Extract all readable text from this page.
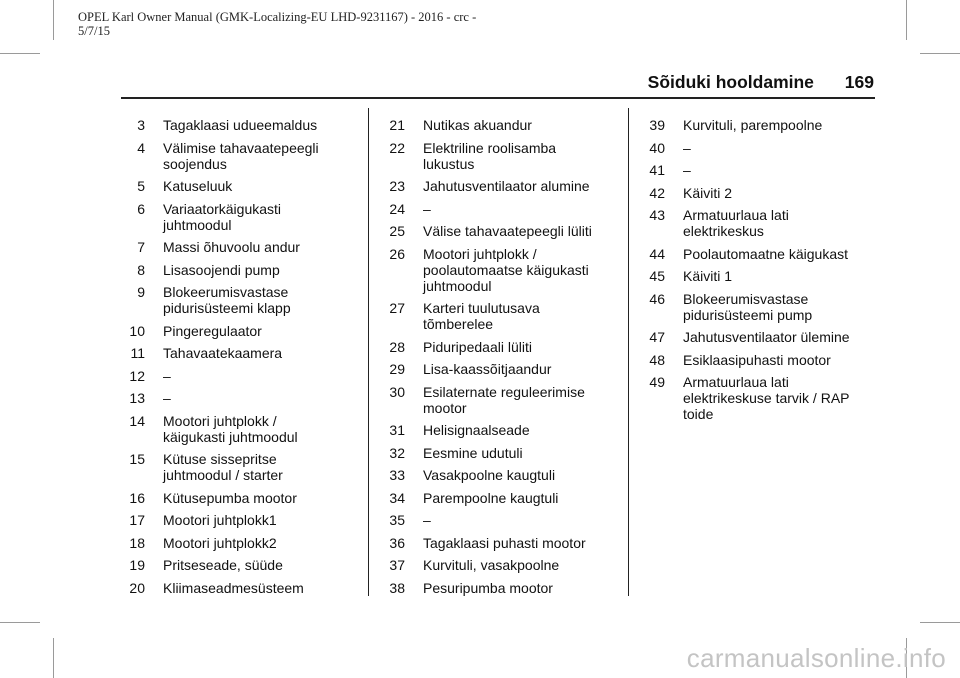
OPEL Karl Owner Manual (GMK-Localizing-EU LHD-9231167) - 2016 - crc - 5/7/15
Sõiduki hooldamine 169
3 Tagaklaasi udueemaldus
4 Välimise tahavaatepeegli soojendus
5 Katuseluuk
6 Variaatorkäigukasti juhtmoodul
7 Massi õhuvoolu andur
8 Lisasoojendi pump
9 Blokeerumisvastase pidurisüsteemi klapp
10 Pingeregulaator
11 Tahavaatekaamera
12 –
13 –
14 Mootori juhtplokk / käigukasti juhtmoodul
15 Kütuse sissepritse juhtmoodul / starter
16 Kütusepumba mootor
17 Mootori juhtplokk1
18 Mootori juhtplokk2
19 Pritseseade, süüde
20 Kliimaseadmesüsteem
21 Nutikas akuandur
22 Elektriline roolisamba lukustus
23 Jahutusventilaator alumine
24 –
25 Välise tahavaatepeegli lüliti
26 Mootori juhtplokk / poolautomaatse käigukasti juhtmoodul
27 Karteri tuulutusava tõmberelee
28 Piduripedaali lüliti
29 Lisa-kaassõitjaandur
30 Esilaternate reguleerimise mootor
31 Helisignaalseade
32 Eesmine udutuli
33 Vasakpoolne kaugtuli
34 Parempoolne kaugtuli
35 –
36 Tagaklaasi puhasti mootor
37 Kurvituli, vasakpoolne
38 Pesuripumba mootor
39 Kurvituli, parempoolne
40 –
41 –
42 Käiviti 2
43 Armatuurlaua lati elektrikeskus
44 Poolautomaatne käigukast
45 Käiviti 1
46 Blokeerumisvastase pidurisüsteemi pump
47 Jahutusventilaator ülemine
48 Esiklaasipuhasti mootor
49 Armatuurlaua lati elektrikeskuse tarvik / RAP toide
carmanualsonline.info
